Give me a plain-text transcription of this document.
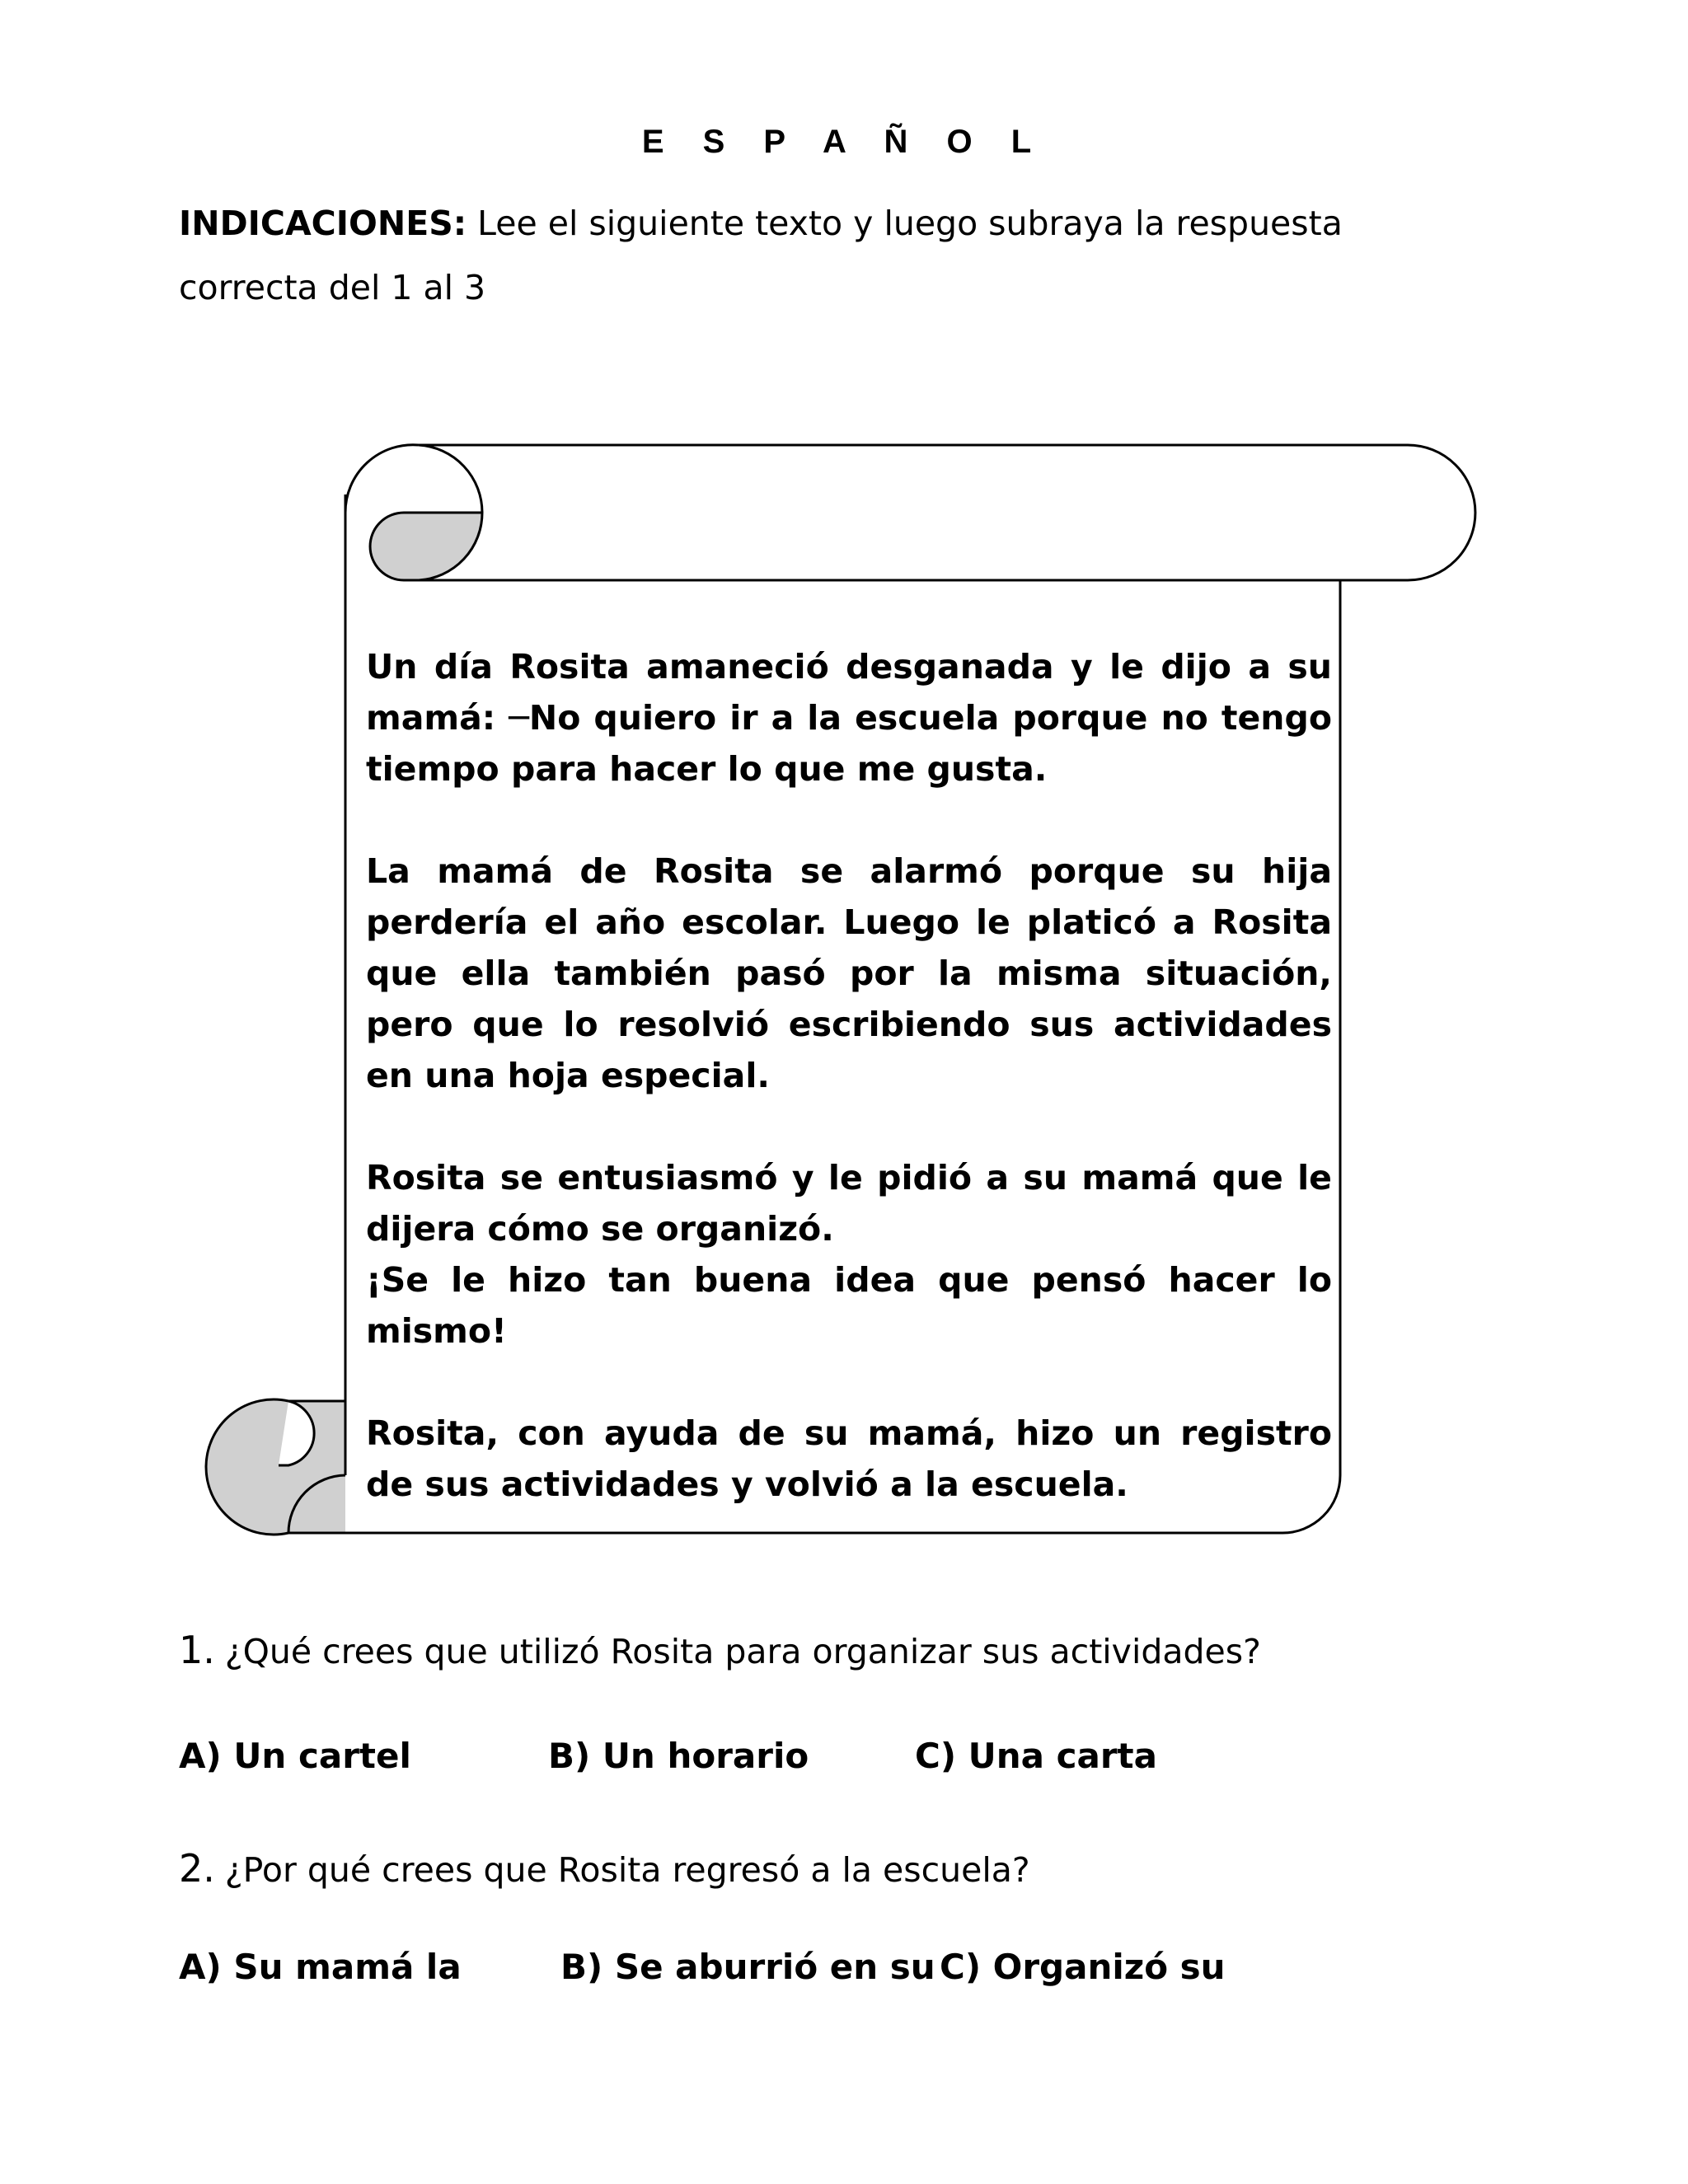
E S P A Ñ O L
INDICACIONES: Lee el siguiente texto y luego subraya la respuesta
correcta del 1 al 3

Un día Rosita amaneció desganada y le dijo a su mamá: ─No quiero ir a la escuela porque no tengo tiempo para hacer lo que me gusta.

La mamá de Rosita se alarmó porque su hija perdería el año escolar. Luego le platicó a Rosita que ella también pasó por la misma situación, pero que lo resolvió escribiendo sus actividades en una hoja especial.

Rosita se entusiasmó y le pidió a su mamá que le dijera cómo se organizó.

¡Se le hizo tan buena idea que pensó hacer lo mismo!

Rosita, con ayuda de su mamá, hizo un registro de sus actividades y volvió a la escuela.

1. ¿Qué crees que utilizó Rosita para organizar sus actividades?
A) Un cartel	B) Un horario	C) Una carta
2. ¿Por qué crees que Rosita regresó a la escuela?
A) Su mamá la	B) Se aburrió en su C) Organizó su
